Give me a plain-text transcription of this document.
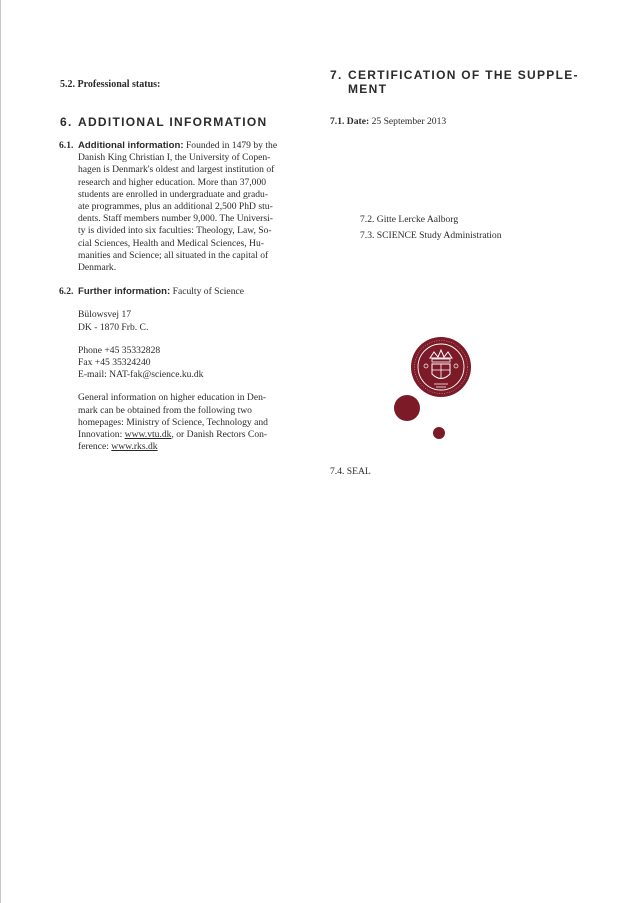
5.2. Professional status:
6. ADDITIONAL INFORMATION
6.1. Additional information: Founded in 1479 by the
Danish King Christian I, the University of Copen-
hagen is Denmark's oldest and largest institution of
research and higher education. More than 37,000
students are enrolled in undergraduate and gradu-
ate programmes, plus an additional 2,500 PhD stu-
dents. Staff members number 9,000. The Universi-
ty is divided into six faculties: Theology, Law, So-
cial Sciences, Health and Medical Sciences, Hu-
manities and Science; all situated in the capital of
Denmark.
6.2. Further information: Faculty of Science
Bülowsvej 17
DK - 1870 Frb. C.
Phone +45 35332828
Fax +45 35324240
E-mail: NAT-fak@science.ku.dk
General information on higher education in Den-
mark can be obtained from the following two
homepages: Ministry of Science, Technology and
Innovation: www.vtu.dk, or Danish Rectors Con-
ference: www.rks.dk
7. CERTIFICATION OF THE SUPPLE-
MENT
7.1. Date: 25 September 2013
7.2. Gitte Lercke Aalborg
7.3. SCIENCE Study Administration
7.4. SEAL
